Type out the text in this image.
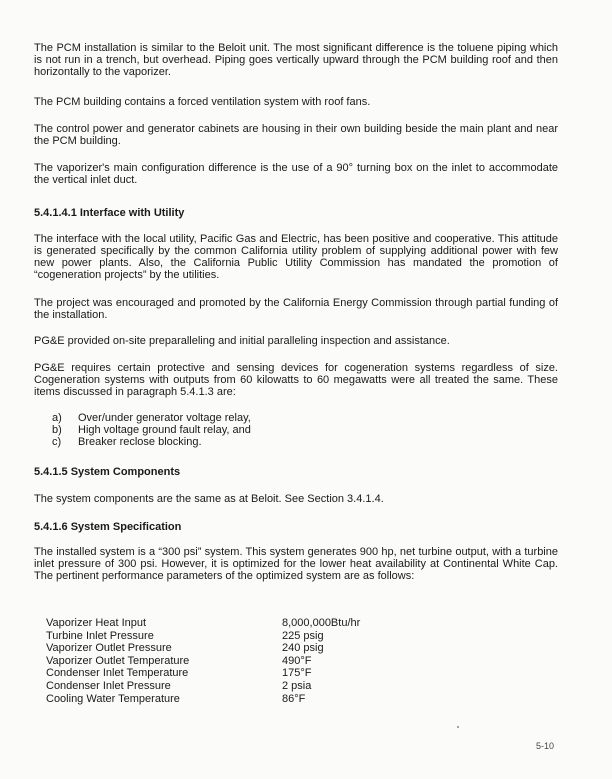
The PCM installation is similar to the Beloit unit. The most significant difference is the toluene piping which is not run in a trench, but overhead. Piping goes vertically upward through the PCM building roof and then horizontally to the vaporizer.

The PCM building contains a forced ventilation system with roof fans.

The control power and generator cabinets are housing in their own building beside the main plant and near the PCM building.

The vaporizer's main configuration difference is the use of a 90° turning box on the inlet to accommodate the vertical inlet duct.

5.4.1.4.1 Interface with Utility

The interface with the local utility, Pacific Gas and Electric, has been positive and cooperative. This attitude is generated specifically by the common California utility problem of supplying additional power with few new power plants. Also, the California Public Utility Commission has mandated the promotion of “cogeneration projects” by the utilities.

The project was encouraged and promoted by the California Energy Commission through partial funding of the installation.

PG&E provided on-site preparalleling and initial paralleling inspection and assistance.

PG&E requires certain protective and sensing devices for cogeneration systems regardless of size. Cogeneration systems with outputs from 60 kilowatts to 60 megawatts were all treated the same. These items discussed in paragraph 5.4.1.3 are:

a)	Over/under generator voltage relay,
b)	High voltage ground fault relay, and
c)	Breaker reclose blocking.
5.4.1.5 System Components

The system components are the same as at Beloit. See Section 3.4.1.4.

5.4.1.6 System Specification

The installed system is a “300 psi” system. This system generates 900 hp, net turbine output, with a turbine inlet pressure of 300 psi. However, it is optimized for the lower heat availability at Continental White Cap. The pertinent performance parameters of the optimized system are as follows:

Vaporizer Heat Input	8,000,000Btu/hr
Turbine Inlet Pressure	225 psig
Vaporizer Outlet Pressure	240 psig
Vaporizer Outlet Temperature	490°F
Condenser Inlet Temperature	175°F
Condenser Inlet Pressure	2 psia
Cooling Water Temperature	86°F
5-10
